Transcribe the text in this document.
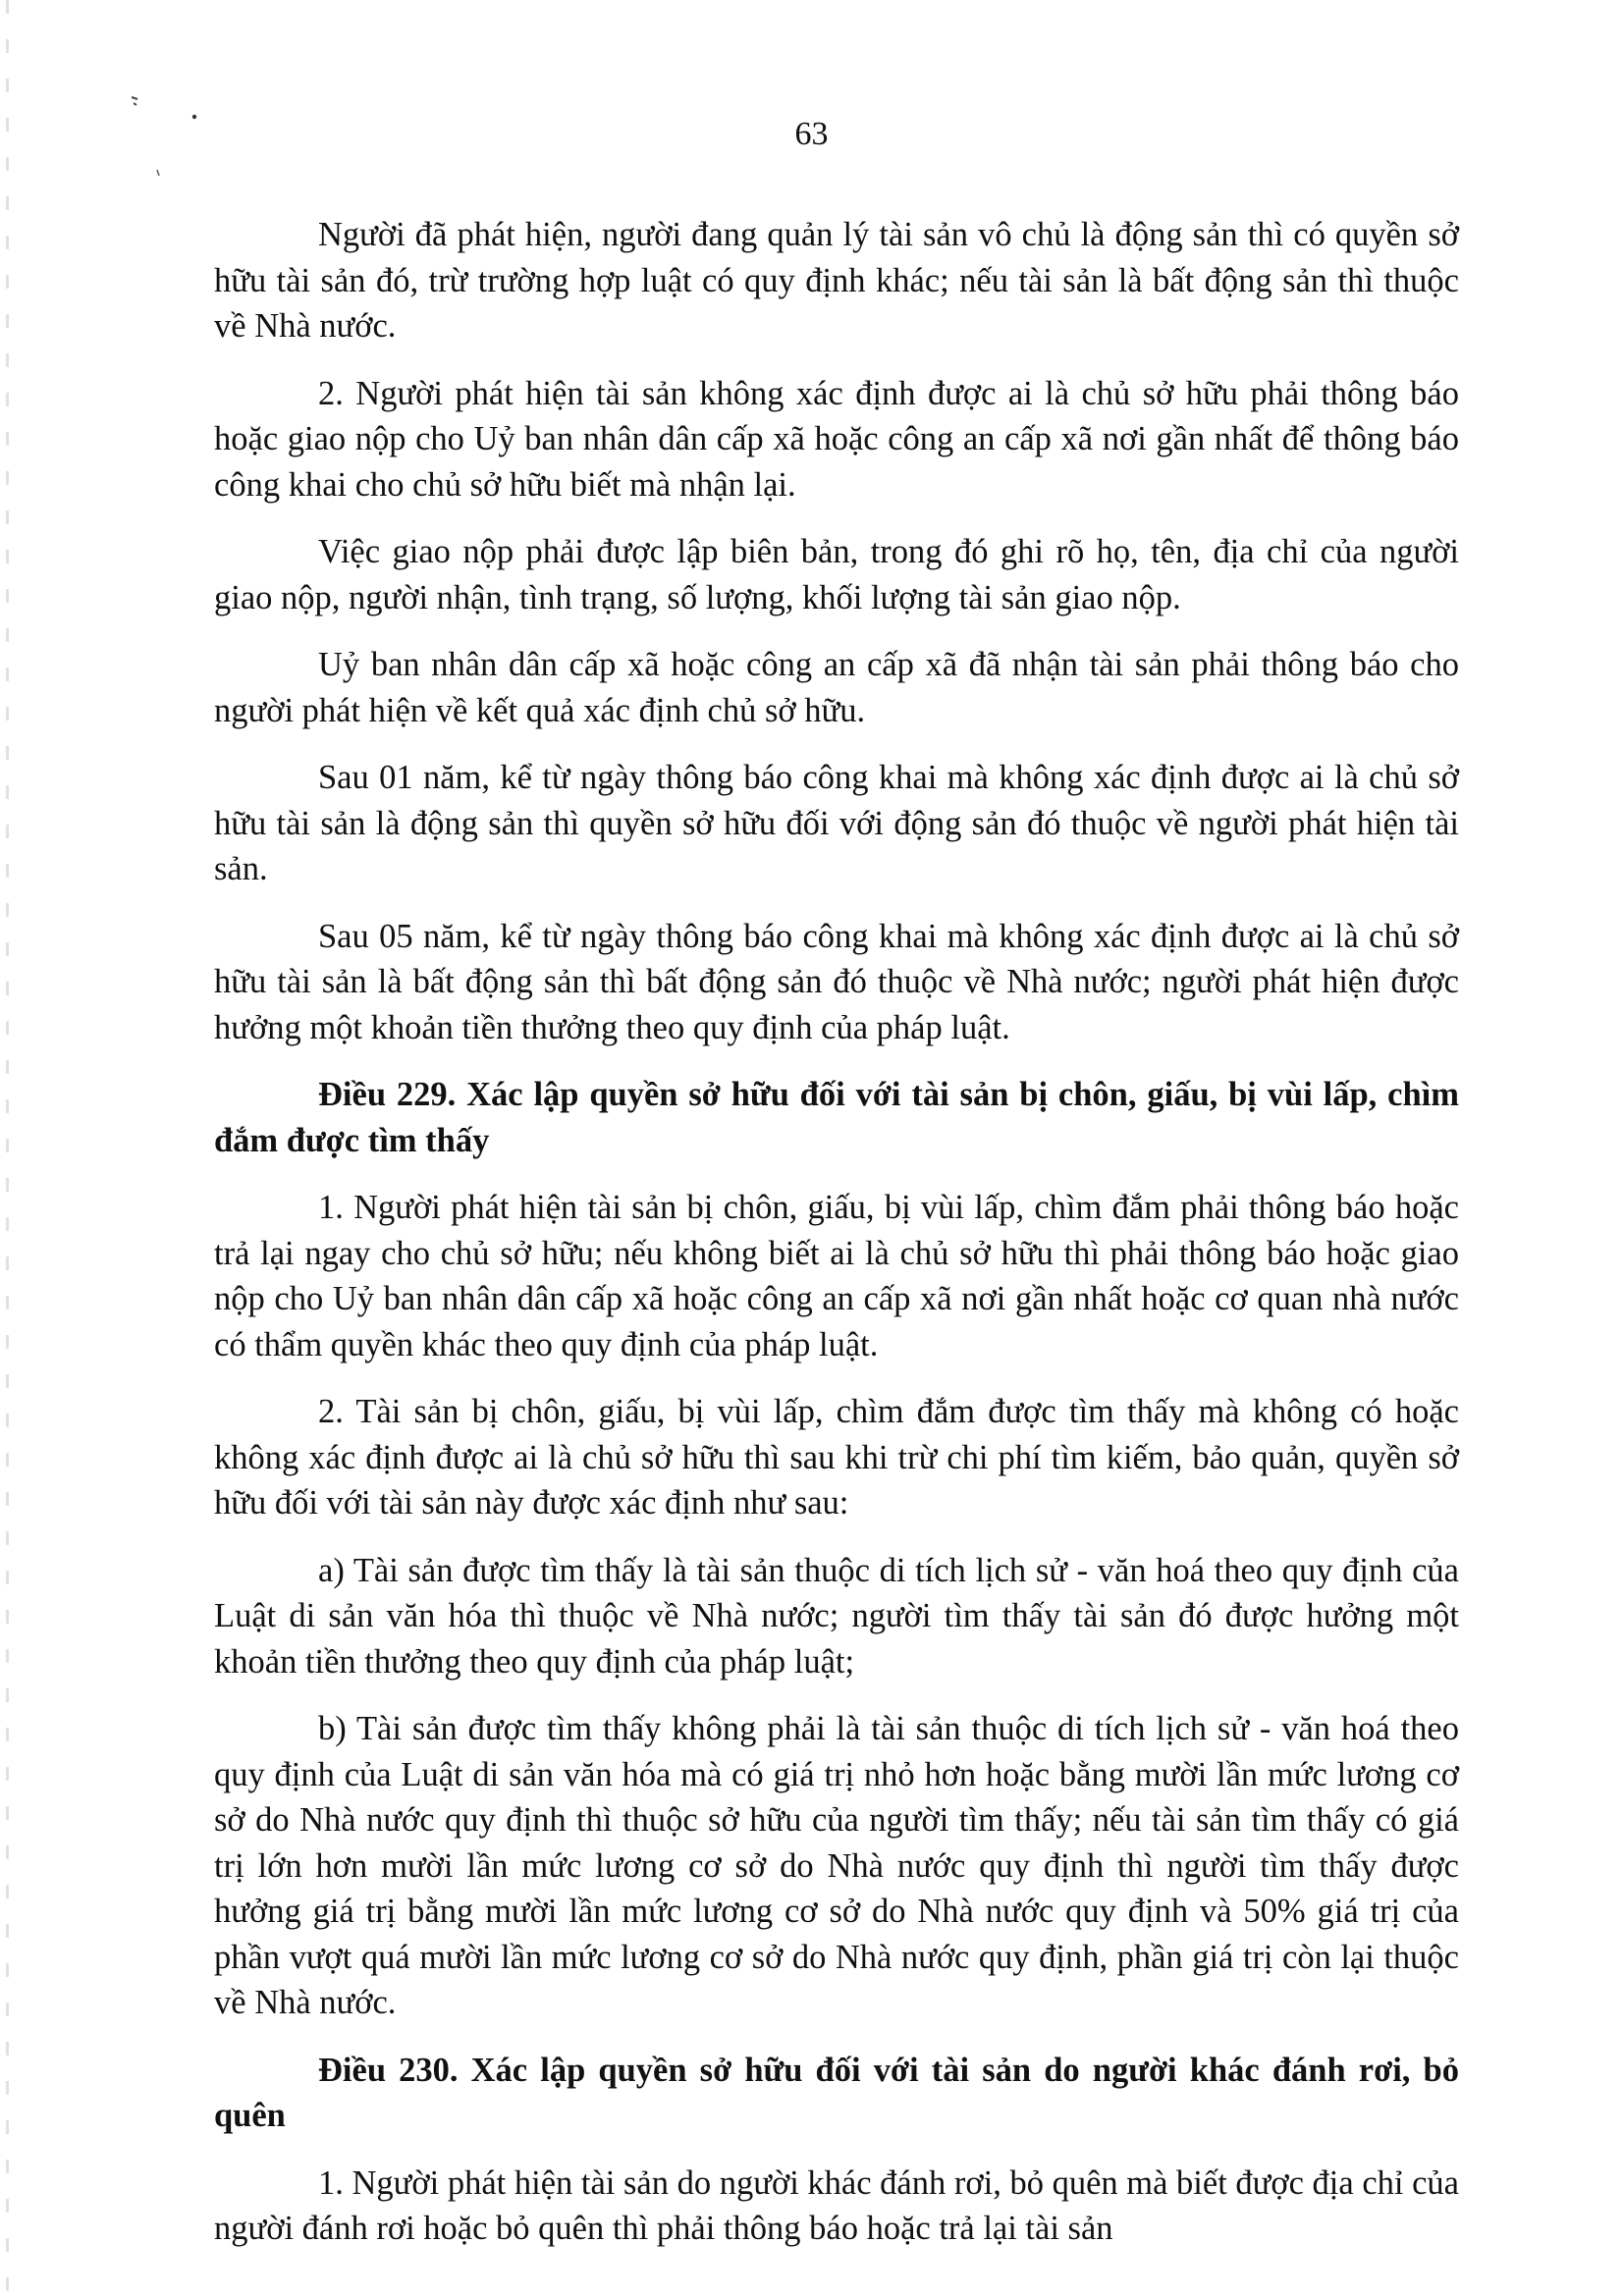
63

Người đã phát hiện, người đang quản lý tài sản vô chủ là động sản thì có quyền sở hữu tài sản đó, trừ trường hợp luật có quy định khác; nếu tài sản là bất động sản thì thuộc về Nhà nước.

2. Người phát hiện tài sản không xác định được ai là chủ sở hữu phải thông báo hoặc giao nộp cho Uỷ ban nhân dân cấp xã hoặc công an cấp xã nơi gần nhất để thông báo công khai cho chủ sở hữu biết mà nhận lại.

Việc giao nộp phải được lập biên bản, trong đó ghi rõ họ, tên, địa chỉ của người giao nộp, người nhận, tình trạng, số lượng, khối lượng tài sản giao nộp.

Uỷ ban nhân dân cấp xã hoặc công an cấp xã đã nhận tài sản phải thông báo cho người phát hiện về kết quả xác định chủ sở hữu.

Sau 01 năm, kể từ ngày thông báo công khai mà không xác định được ai là chủ sở hữu tài sản là động sản thì quyền sở hữu đối với động sản đó thuộc về người phát hiện tài sản.

Sau 05 năm, kể từ ngày thông báo công khai mà không xác định được ai là chủ sở hữu tài sản là bất động sản thì bất động sản đó thuộc về Nhà nước; người phát hiện được hưởng một khoản tiền thưởng theo quy định của pháp luật.

Điều 229. Xác lập quyền sở hữu đối với tài sản bị chôn, giấu, bị vùi lấp, chìm đắm được tìm thấy

1. Người phát hiện tài sản bị chôn, giấu, bị vùi lấp, chìm đắm phải thông báo hoặc trả lại ngay cho chủ sở hữu; nếu không biết ai là chủ sở hữu thì phải thông báo hoặc giao nộp cho Uỷ ban nhân dân cấp xã hoặc công an cấp xã nơi gần nhất hoặc cơ quan nhà nước có thẩm quyền khác theo quy định của pháp luật.

2. Tài sản bị chôn, giấu, bị vùi lấp, chìm đắm được tìm thấy mà không có hoặc không xác định được ai là chủ sở hữu thì sau khi trừ chi phí tìm kiếm, bảo quản, quyền sở hữu đối với tài sản này được xác định như sau:

a) Tài sản được tìm thấy là tài sản thuộc di tích lịch sử - văn hoá theo quy định của Luật di sản văn hóa thì thuộc về Nhà nước; người tìm thấy tài sản đó được hưởng một khoản tiền thưởng theo quy định của pháp luật;

b) Tài sản được tìm thấy không phải là tài sản thuộc di tích lịch sử - văn hoá theo quy định của Luật di sản văn hóa mà có giá trị nhỏ hơn hoặc bằng mười lần mức lương cơ sở do Nhà nước quy định thì thuộc sở hữu của người tìm thấy; nếu tài sản tìm thấy có giá trị lớn hơn mười lần mức lương cơ sở do Nhà nước quy định thì người tìm thấy được hưởng giá trị bằng mười lần mức lương cơ sở do Nhà nước quy định và 50% giá trị của phần vượt quá mười lần mức lương cơ sở do Nhà nước quy định, phần giá trị còn lại thuộc về Nhà nước.

Điều 230. Xác lập quyền sở hữu đối với tài sản do người khác đánh rơi, bỏ quên

1. Người phát hiện tài sản do người khác đánh rơi, bỏ quên mà biết được địa chỉ của người đánh rơi hoặc bỏ quên thì phải thông báo hoặc trả lại tài sản
